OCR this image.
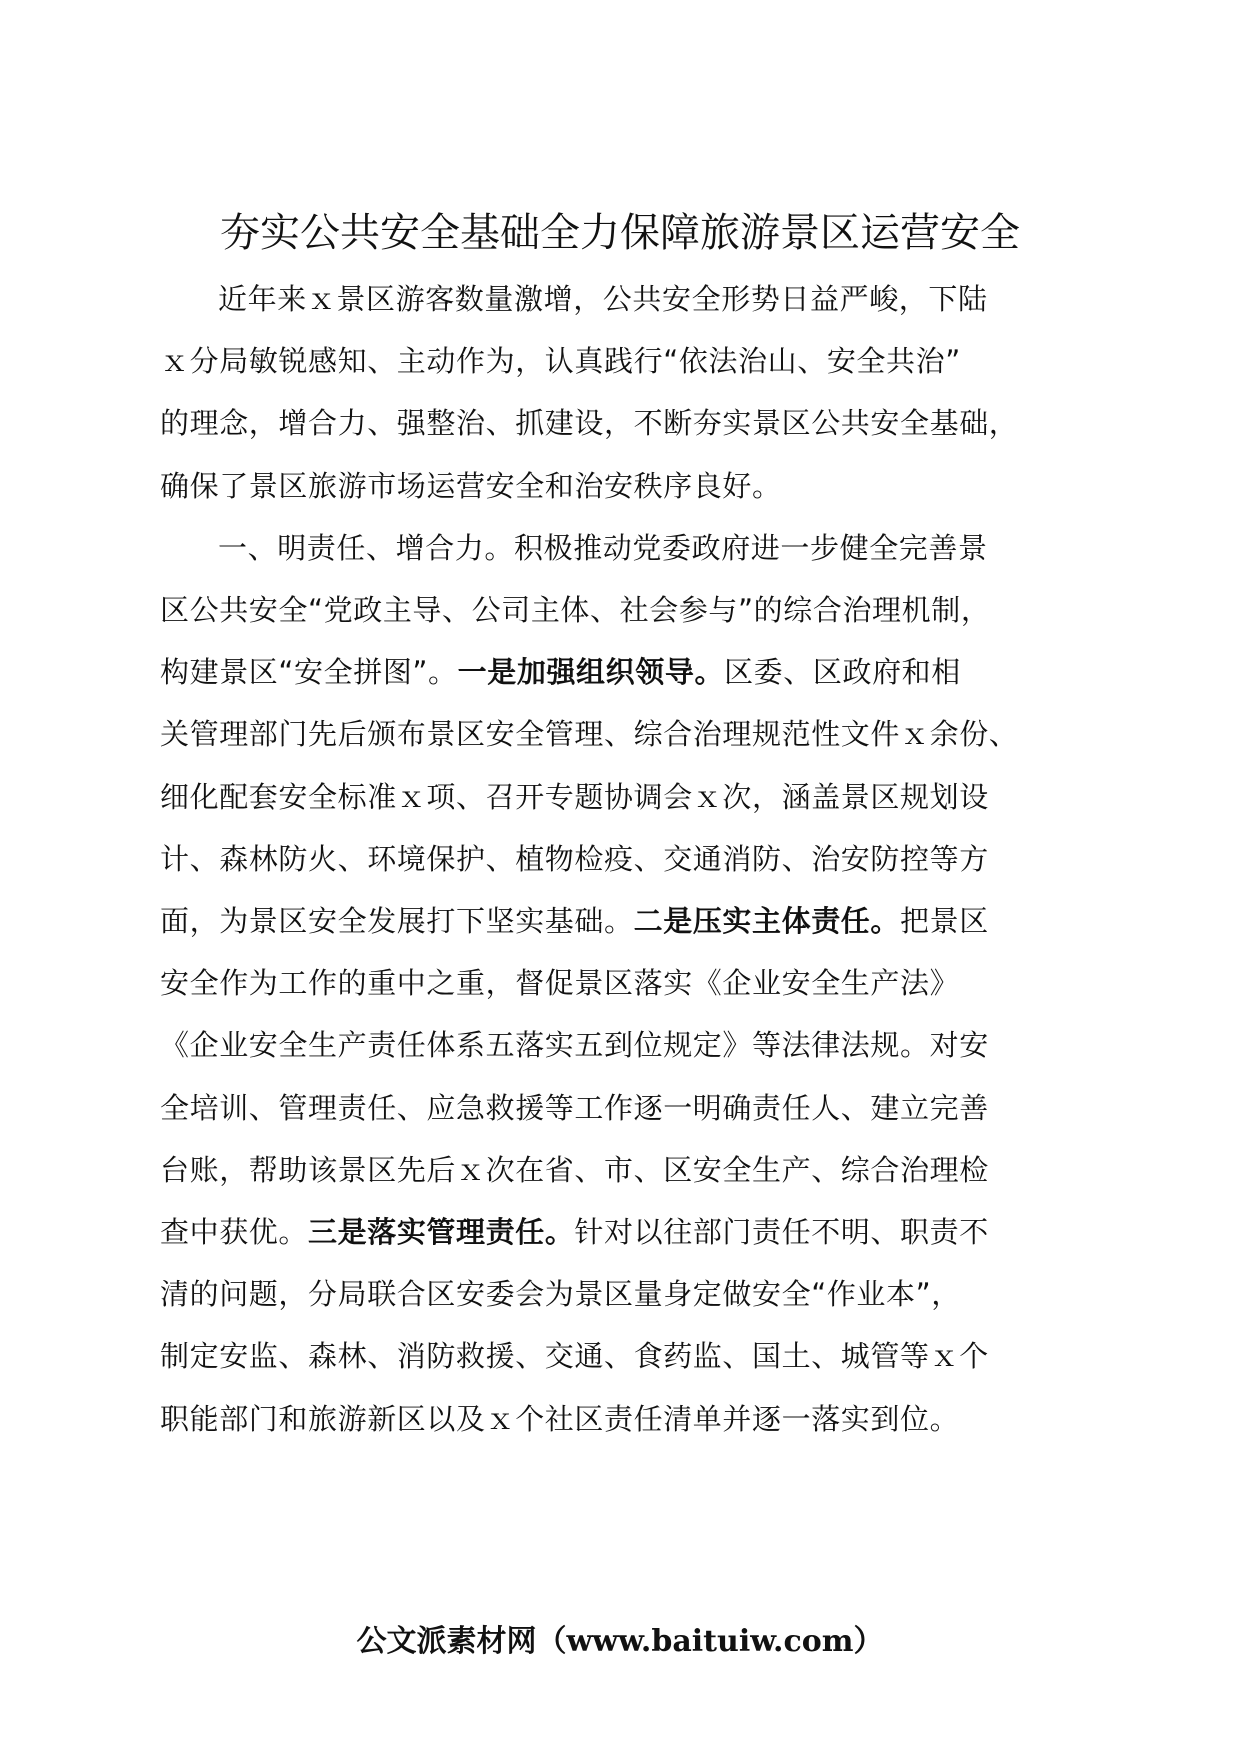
夯实公共安全基础全力保障旅游景区运营安全

近年来ｘ景区游客数量激增，公共安全形势日益严峻，下陆
ｘ分局敏锐感知、主动作为，认真践行“依法治山、安全共治”
的理念，增合力、强整治、抓建设，不断夯实景区公共安全基础，
确保了景区旅游市场运营安全和治安秩序良好。

一、明责任、增合力。积极推动党委政府进一步健全完善景
区公共安全“党政主导、公司主体、社会参与”的综合治理机制，
构建景区“安全拼图”。一是加强组织领导。区委、区政府和相
关管理部门先后颁布景区安全管理、综合治理规范性文件ｘ余份、
细化配套安全标准ｘ项、召开专题协调会ｘ次，涵盖景区规划设
计、森林防火、环境保护、植物检疫、交通消防、治安防控等方
面，为景区安全发展打下坚实基础。二是压实主体责任。把景区
安全作为工作的重中之重，督促景区落实《企业安全生产法》
《企业安全生产责任体系五落实五到位规定》等法律法规。对安
全培训、管理责任、应急救援等工作逐一明确责任人、建立完善
台账，帮助该景区先后ｘ次在省、市、区安全生产、综合治理检
查中获优。三是落实管理责任。针对以往部门责任不明、职责不
清的问题，分局联合区安委会为景区量身定做安全“作业本”，
制定安监、森林、消防救援、交通、食药监、国土、城管等ｘ个
职能部门和旅游新区以及ｘ个社区责任清单并逐一落实到位。

公文派素材网（www.baituiw.com）
